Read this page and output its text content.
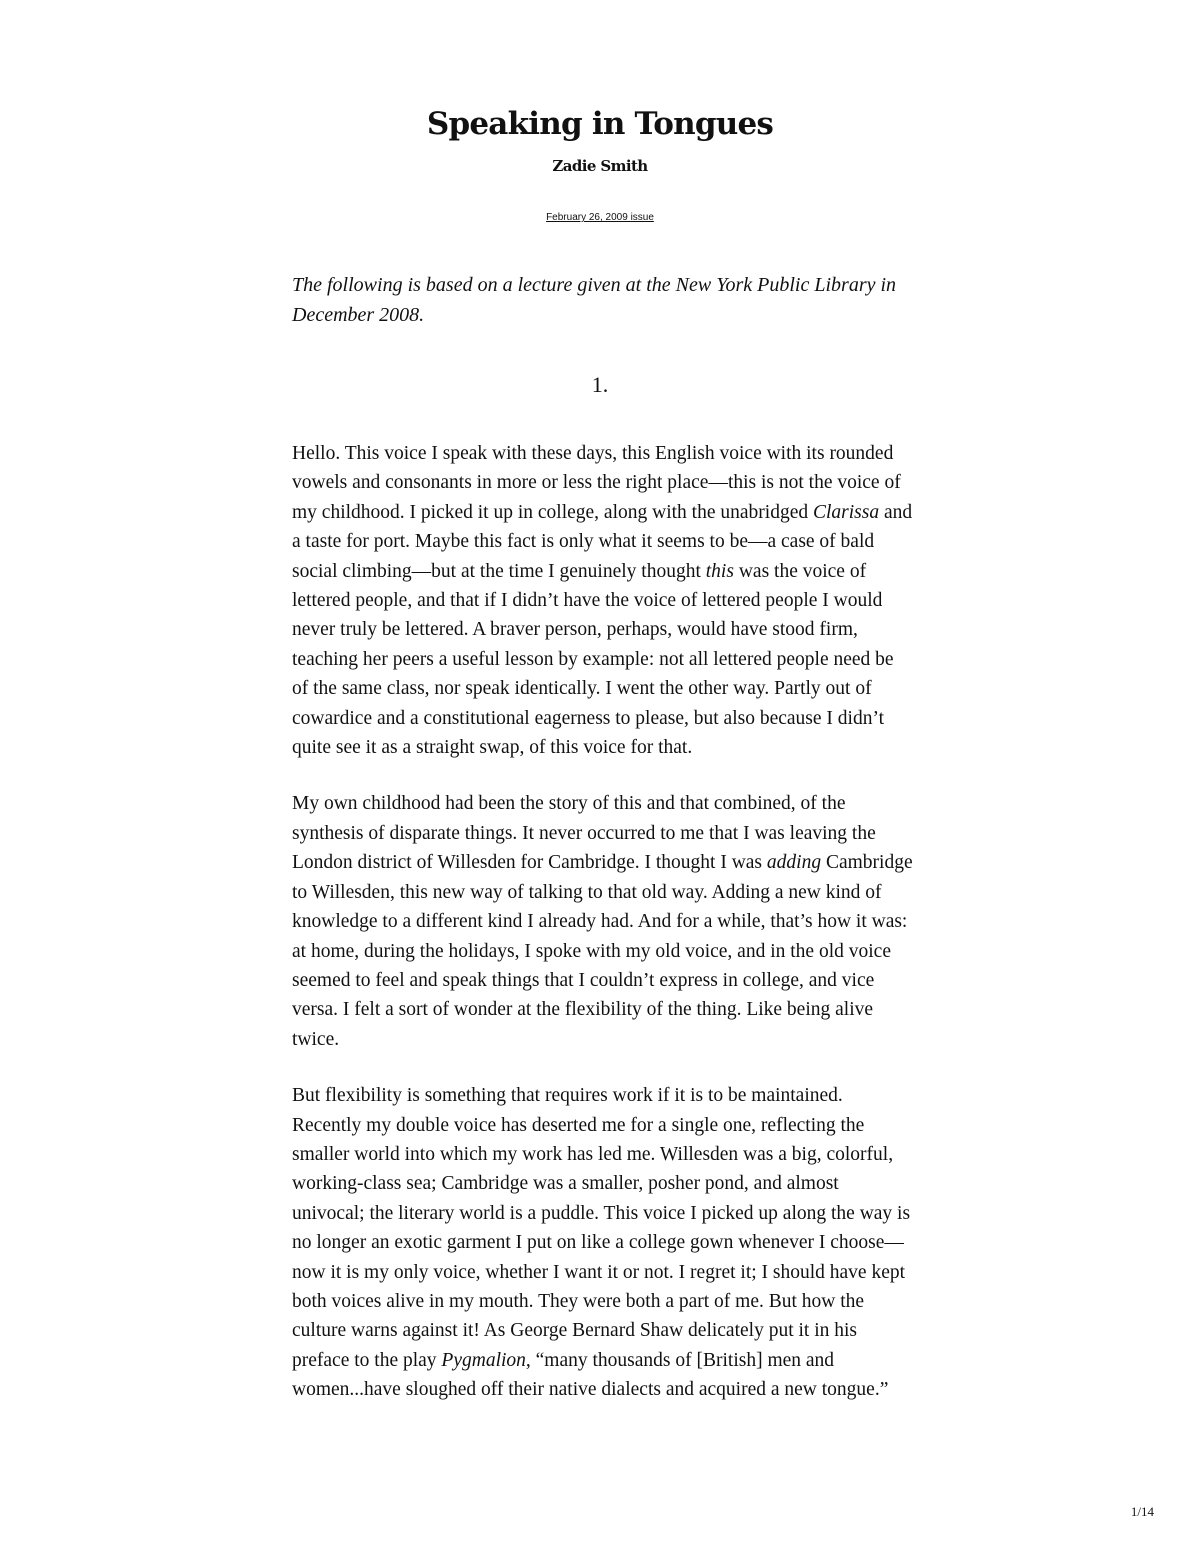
Speaking in Tongues
Zadie Smith
February 26, 2009 issue

The following is based on a lecture given at the New York Public Library in December 2008.

1.

Hello. This voice I speak with these days, this English voice with its rounded vowels and consonants in more or less the right place—this is not the voice of my childhood. I picked it up in college, along with the unabridged Clarissa and a taste for port. Maybe this fact is only what it seems to be—a case of bald social climbing—but at the time I genuinely thought this was the voice of lettered people, and that if I didn’t have the voice of lettered people I would never truly be lettered. A braver person, perhaps, would have stood firm, teaching her peers a useful lesson by example: not all lettered people need be of the same class, nor speak identically. I went the other way. Partly out of cowardice and a constitutional eagerness to please, but also because I didn’t quite see it as a straight swap, of this voice for that.

My own childhood had been the story of this and that combined, of the synthesis of disparate things. It never occurred to me that I was leaving the London district of Willesden for Cambridge. I thought I was adding Cambridge to Willesden, this new way of talking to that old way. Adding a new kind of knowledge to a different kind I already had. And for a while, that’s how it was: at home, during the holidays, I spoke with my old voice, and in the old voice seemed to feel and speak things that I couldn’t express in college, and vice versa. I felt a sort of wonder at the flexibility of the thing. Like being alive twice.

But flexibility is something that requires work if it is to be maintained. Recently my double voice has deserted me for a single one, reflecting the smaller world into which my work has led me. Willesden was a big, colorful, working-class sea; Cambridge was a smaller, posher pond, and almost univocal; the literary world is a puddle. This voice I picked up along the way is no longer an exotic garment I put on like a college gown whenever I choose—now it is my only voice, whether I want it or not. I regret it; I should have kept both voices alive in my mouth. They were both a part of me. But how the culture warns against it! As George Bernard Shaw delicately put it in his preface to the play Pygmalion, “many thousands of [British] men and women...have sloughed off their native dialects and acquired a new tongue.”

1/14
